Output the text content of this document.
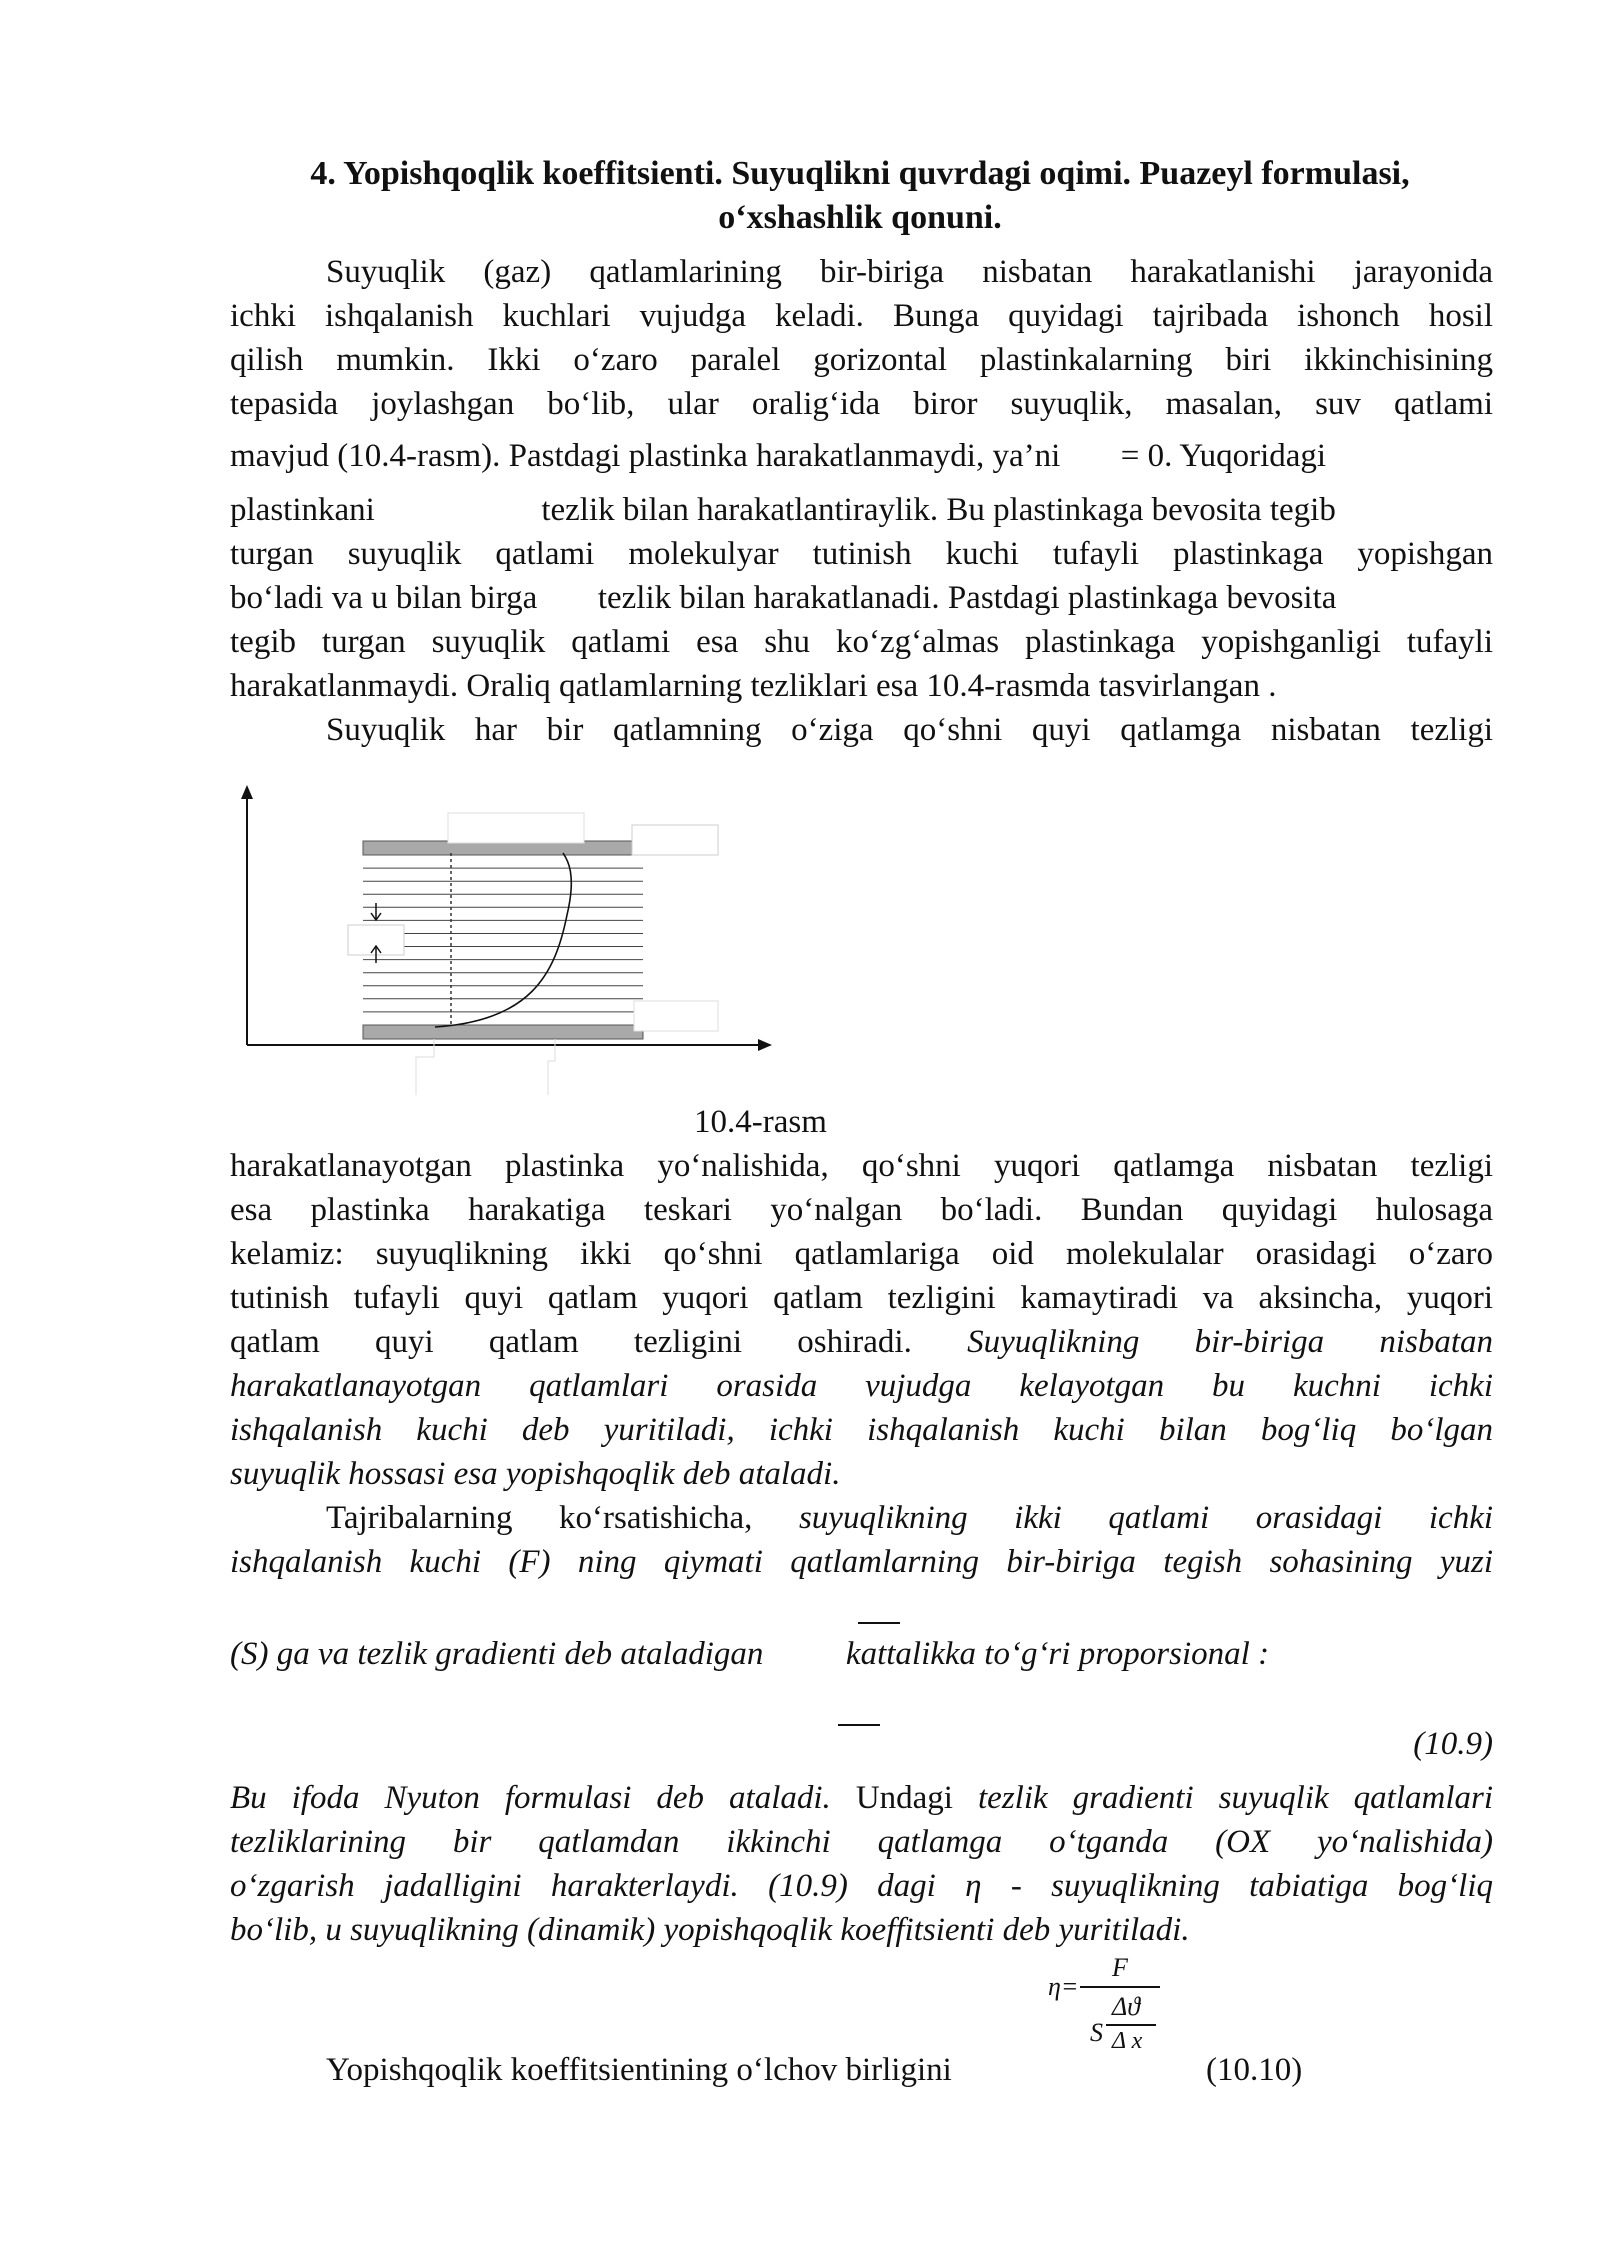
4. Yopishqoqlik koeffitsienti. Suyuqlikni quvrdagi oqimi. Puazeyl formulasi,
o‘xshashlik qonuni.
Suyuqlik (gaz) qatlamlarining bir-biriga nisbatan harakatlanishi jarayonida
ichki ishqalanish kuchlari vujudga keladi. Bunga quyidagi tajribada ishonch hosil
qilish mumkin. Ikki o‘zaro paralel gorizontal plastinkalarning biri ikkinchisining
tepasida joylashgan bo‘lib, ular oralig‘ida biror suyuqlik, masalan, suv qatlami
mavjud (10.4-rasm). Pastdagi plastinka harakatlanmaydi, ya’ni = 0. Yuqoridagi
plastinkani	tezlik bilan harakatlantiraylik. Bu plastinkaga bevosita tegib
turgan suyuqlik qatlami molekulyar tutinish kuchi tufayli plastinkaga yopishgan
bo‘ladi va u bilan birga tezlik bilan harakatlanadi. Pastdagi plastinkaga bevosita
tegib turgan suyuqlik qatlami esa shu ko‘zg‘almas plastinkaga yopishganligi tufayli
harakatlanmaydi. Oraliq qatlamlarning tezliklari esa 10.4-rasmda tasvirlangan .
Suyuqlik har bir qatlamning o‘ziga qo‘shni quyi qatlamga nisbatan tezligi
10.4-rasm
harakatlanayotgan plastinka yo‘nalishida, qo‘shni yuqori qatlamga nisbatan tezligi
esa plastinka harakatiga teskari yo‘nalgan bo‘ladi. Bundan quyidagi hulosaga
kelamiz: suyuqlikning ikki qo‘shni qatlamlariga oid molekulalar orasidagi o‘zaro
tutinish tufayli quyi qatlam yuqori qatlam tezligini kamaytiradi va aksincha, yuqori
qatlam quyi qatlam tezligini oshiradi. Suyuqlikning bir-biriga nisbatan
harakatlanayotgan qatlamlari orasida vujudga kelayotgan bu kuchni ichki
ishqalanish kuchi deb yuritiladi, ichki ishqalanish kuchi bilan bog‘liq bo‘lgan
suyuqlik hossasi esa yopishqoqlik deb ataladi.
Tajribalarning ko‘rsatishicha, suyuqlikning ikki qatlami orasidagi ichki
ishqalanish kuchi (F) ning qiymati qatlamlarning bir-biriga tegish sohasining yuzi
(S) ga va tezlik gradienti deb ataladigan	kattalikka to‘g‘ri proporsional :
(10.9)
Bu ifoda Nyuton formulasi deb ataladi. Undagi tezlik gradienti suyuqlik qatlamlari
tezliklarining bir qatlamdan ikkinchi qatlamga o‘tganda (OX yo‘nalishida)
o‘zgarish jadalligini harakterlaydi. (10.9) dagi η - suyuqlikning tabiatiga bog‘liq
bo‘lib, u suyuqlikning (dinamik) yopishqoqlik koeffitsienti deb yuritiladi.
η=
F
S
Δϑ
Δ x
Yopishqoqlik koeffitsientining o‘lchov birligini	(10.10)
